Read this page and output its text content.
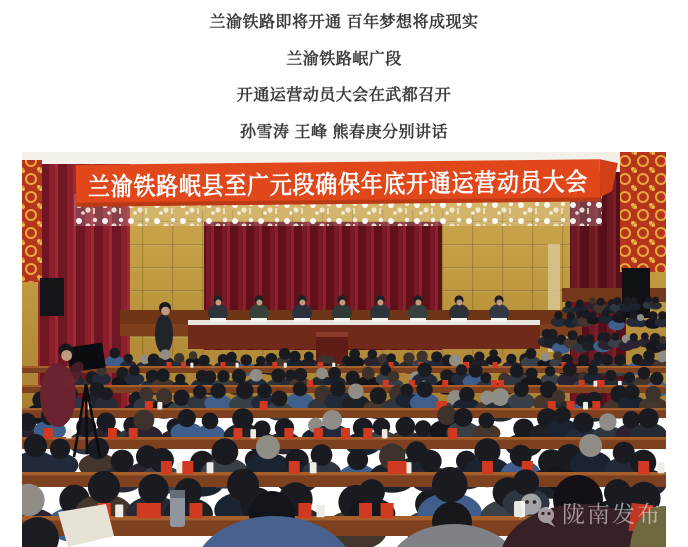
兰渝铁路即将开通 百年梦想将成现实

兰渝铁路岷广段

开通运营动员大会在武都召开

孙雪涛 王峰 熊春庚分别讲话

兰渝铁路岷县至广元段确保年底开通运营动员大会
陇南发布
